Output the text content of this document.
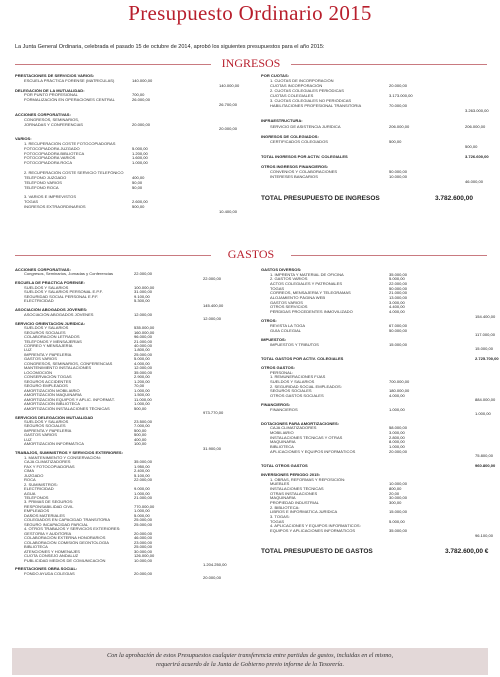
Presupuesto Ordinario 2015
La Junta General Ordinaria, celebrada el pasado 15 de octubre de 2014, aprobó los siguientes presupuestos para el año 2015:
INGRESOS
GASTOS
PRESTACIONES DE SERVICIOS VARIOS:
ESCUELA PRÁCTICA FORENSE (MATRÍCULAS)	140.000,00
140.000,00
DELEGACIÓN DE LA MUTUALIDAD:
POR PUNTO PROFESIONAL	700,00
FORMALIZACIÓN EN OPERACIONES CENTRAL	26.000,00
26.700,00
ACCIONES CORPORATIVAS:
CONGRESOS, SEMINARIOS,
JORNADAS Y CONFERENCIAS	20.000,00
20.000,00
VARIOS:
1. RECUPERACIÓN COSTE FOTOCOPIADORAS
FOTOCOPIADORA JUZGADO	5.000,00
FOTOCOPIADORA BIBLIOTECA	1.200,00
FOTOCOPIADORA VARIOS	1.600,00
FOTOCOPIADORA ROCA	1.000,00
2. RECUPERACIÓN COSTE SERVICIO TELEFÓNICO
TELÉFONO JUZGADO	400,00
TELÉFONO VARIOS	50,00
TELÉFONO ROCA	50,00
3. VARIOS E IMPREVISTOS
TOGAS	2.600,00
INGRESOS EXTRAORDINARIOS	500,00
10.400,00
POR CUOTAS:
1. CUOTAS DE INCORPORACIÓN
CUOTAS INCORPORACIÓN	20.000,00
2. CUOTAS COLEGIALES PERIÓDICAS
CUOTAS COLEGIALES	3.173.000,00
3. CUOTAS COLEGIALES NO PERIÓDICAS
HABILITACIONES PROFESIONAL TRANSITORIA	70.000,00
3.263.000,00
INFRAESTRUCTURA:
SERVICIO DE ASISTENCIA JURÍDICA	206.000,00	206.000,00
INGRESOS DE COLEGIADOS:
CERTIFICADOS COLEGIADOS	500,00
500,00
TOTAL INGRESOS POR ACTIV. COLEGIALES	3.726.600,00
OTROS INGRESOS FINANCIEROS:
CONVENIOS Y COLABORACIONES	50.000,00
INTERESES BANCARIOS	10.000,00
46.000,00
TOTAL PRESUPUESTO DE INGRESOS	3.782.600,00
ACCIONES CORPORATIVAS:
Congresos, Seminarios, Jornadas y Conferencias	22.000,00
22.000,00
ESCUELA DE PRÁCTICA FORENSE:
SUELDOS Y SALARIOS	100.000,00
SUELDOS Y SALARIOS PERSONAL E.P.F.	31.000,00
SEGURIDAD SOCIAL PERSONAL E.P.F.	9.100,00
ELECTRICIDAD	5.300,00
145.400,00
ASOCIACIÓN ABOGADOS JÓVENES:
ASOCIACIÓN ABOGADOS JÓVENES	12.000,00
12.000,00
SERVICIO ORIENTACIÓN JURÍDICA:
SUELDOS Y SALARIOS	535.000,00
SEGUROS SOCIALES	160.000,00
COLABORACIÓN LETRADOS	96.000,00
TELÉFONOS Y MENSAJERÍAS	21.000,00
CORREO Y MENSAJERÍA	40.000,00
LUZ	1.800,00
IMPRENTA Y PAPELERÍA	25.000,00
GASTOS VARIOS	5.000,00
CONGRESOS, SEMINARIOS, CONFERENCIAS	4.000,00
MANTENIMIENTO INSTALACIONES	12.000,00
LOCOMOCIÓN	35.000,00
CONSERVACIÓN TOGAS	2.900,00
SEGUROS ACCIDENTES	1.200,00
SEGURO EMPLEADOS	70,00
AMORTIZACIÓN MOBILIARIO	1.000,00
AMORTIZACIÓN MAQUINARIA	1.500,00
AMORTIZACIÓN EQUIPOS Y APLIC. INFORMÁT.	11.000,00
AMORTIZACIÓN BIBLIOTECA	1.000,00
AMORTIZACIÓN INSTALACIONES TÉCNICAS	500,00
973.770,00
SERVICIOS DELEGACIÓN MUTUALIDAD
SUELDOS Y SALARIOS	23.500,00
SEGUROS SOCIALES	7.000,00
IMPRENTA Y PAPELERÍA	500,00
GASTOS VARIOS	500,00
LUZ	400,00
AMORTIZACIÓN INFORMÁTICA	100,00
31.900,00
TRABAJOS, SUMINISTROS Y SERVICIOS EXTERIORES:
1. MANTENIMIENTO Y CONSERVACIÓN:
CAJA CLIMATIZADORES	35.000,00
FAX Y FOTOCOPIADORAS	1.950,00
CIMA	2.400,00
JUZGADO	5.100,00
ROCA	22.000,00
2. SUMINISTROS:
ELECTRICIDAD	9.000,00
AGUA	1.000,00
TELÉFONOS	21.000,00
3. PRIMAS DE SEGUROS:
RESPONSABILIDAD CIVIL	770.000,00
EMPLEADOS	1.000,00
DAÑOS MATERIALES	5.000,00
COLEGIADOS EN CAPACIDAD TRANSITORIA	25.000,00
SEGURO INCAPACIDAD PARCIAL	25.000,00
4. OTROS TRABAJOS Y SERVICIOS EXTERIORES:
GESTORÍA Y AUDITORÍA	20.000,00
COLABORACIÓN EXTERNA HONORARIOS	46.000,00
COLABORACIÓN COMISIÓN DEONTOLOGÍA	23.000,00
BIBLIOTECA	25.000,00
ATENCIONES Y HOMENAJES	30.000,00
CUOTA CONSEJO ANDALUZ	126.000,00
PUBLICIDAD MEDIOS DE COMUNICACIÓN	10.000,00
1.204.250,00
PRESTACIONES OBRA SOCIAL:
FONDO AYUDA COLEGIAS	20.000,00
20.000,00
GASTOS DIVERSOS:
1. IMPRENTA Y MATERIAL DE OFICINA	35.000,00
2. GASTOS VARIOS	5.000,00
ACTOS COLEGIALES Y PATRONALES	22.000,00
TOGAS	50.000,00
CORREOS, MENSAJERÍA Y TELEGRAMAS	21.000,00
ALOJAMIENTO PÁGINA WEB	13.000,00
GASTOS VARIOS	3.000,00
OTROS SERVICIOS	4.400,00
PÉRDIDAS PROCEDENTES INMOVILIZADO	4.000,00
154.400,00
OTROS:
REVISTA LA TOGA	67.000,00
GUÍA COLEGIAL	50.000,00
117.000,00
IMPUESTOS:
IMPUESTOS Y TRIBUTOS	15.000,00
15.000,00
TOTAL GASTOS POR ACTIV. COLEGIALES	2.725.700,00
OTROS GASTOS:
PERSONAL:
1. REMUNERACIONES FIJAS
SUELDOS Y SALARIOS	700.000,00
2. SEGURIDAD SOCIAL EMPLEADOS:
SEGUROS SOCIALES	180.000,00
OTROS GASTOS SOCIALES	4.000,00
884.000,00
FINANCIEROS:
FINANCIEROS	1.000,00
1.000,00
DOTACIONES PARA AMORTIZACIONES:
CAJA CLIMATIZADORES	58.000,00
MOBILIARIO	3.000,00
INSTALACIONES TÉCNICAS Y OTRAS	2.800,00
MAQUINARIA	8.000,00
BIBLIOTECA	1.000,00
APLICACIONES Y EQUIPOS INFORMÁTICOS	20.000,00
75.800,00
TOTAL OTROS GASTOS	960.800,00
INVERSIONES PERIODO 2015:
1. OBRAS, REFORMAS Y REPOSICIÓN:
MUEBLES	10.000,00
INSTALACIONES TÉCNICAS	800,00
OTRAS INSTALACIONES	20,00
MAQUINARIA	30.000,00
PROPIEDAD INDUSTRIAL	300,00
2. BIBLIOTECA:
LIBROS E INFORMÁTICA JURÍDICA	15.000,00
3. TOGAS:
TOGAS	5.000,00
4. APLICACIONES Y EQUIPOS INFORMÁTICOS:
EQUIPOS Y APLICACIONES INFORMÁTICOS	35.000,00
96.100,00
TOTAL PRESUPUESTO DE GASTOS	3.782.600,00 €
Con la aprobación de estos Presupuestos cualquier transferencia entre partidas de gastos, incluidas en el mismo,
requerirá acuerdo de la Junta de Gobierno previo informe de la Tesorería.
